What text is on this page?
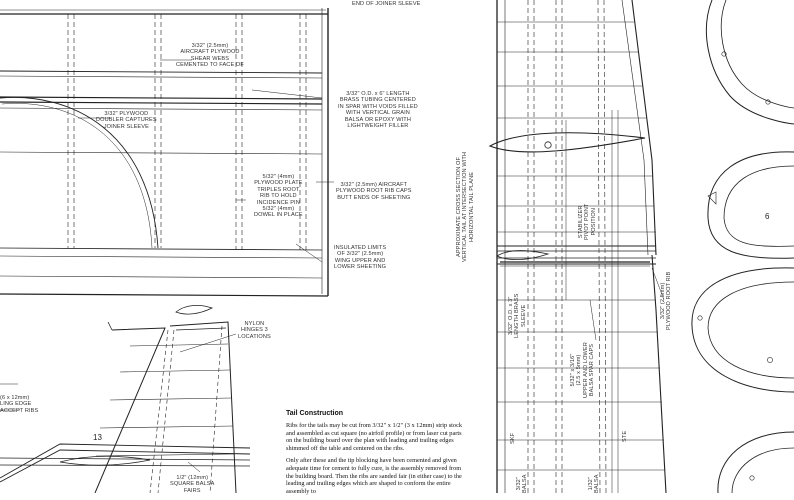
END OF JOINER SLEEVE
3/32" (2.5mm)
AIRCRAFT PLYWOOD
SHEAR WEBS
CEMENTED TO FACE OF
3/32" O.D. x 6" LENGTH
BRASS TUBING CENTERED
IN SPAR WITH VOIDS FILLED
WITH VERTICAL GRAIN
BALSA OR EPOXY WITH
LIGHTWEIGHT FILLER
3/32" PLYWOOD
DOUBLER CAPTURES
JOINER SLEEVE
5/32" (4mm)
PLYWOOD PLATE
TRIPLES ROOT
RIB TO HOLD
INCIDENCE PIN
5/32" (4mm)
DOWEL IN PLACE
3/32" (2.5mm) AIRCRAFT
PLYWOOD ROOT RIB CAPS
BUTT ENDS OF SHEETING
INSULATED LIMITS
OF 3/32" (2.5mm)
WING UPPER AND
LOWER SHEETING
NYLON
HINGES 3
LOCATIONS
(6 x 12mm)
LING EDGE
ACCEPT RIBS
1/2" (12mm)
SQUARE BALSA
FAIRS
13
6
APPROXIMATE CROSS SECTION OF
VERTICAL TAIL AT INTERSECTION WITH
HORIZONTAL TAIL PLANE
STABILIZER
PIVOT POINT
POSITION
3/32" O.D. x 3"
LENGTH BRASS
SLEEVE
5/32" x 3/16"
(2.5 x 5mm)
UPPER AND LOWER
BALSA SPAR CAPS
3/32" (2.5mm)
PLYWOOD ROOT RIB
SKF	STE
3/32"
BALSA	1/32"
BALSA
Tail Construction

Ribs for the tails may be cut from 3/32" x 1/2" (3 x 12mm) strip stock and assembled as cut square (no airfoil profile) or from laser cut parts on the building board over the plan with leading and trailing edges shimmed off the table and centered on the ribs.

Only after these and the tip blocking have been cemented and given adequate time for cement to fully cure, is the assembly removed from the building board. Then the ribs are sanded fair (in either case) to the leading and trailing edges which are shaped to conform the entire assembly to
